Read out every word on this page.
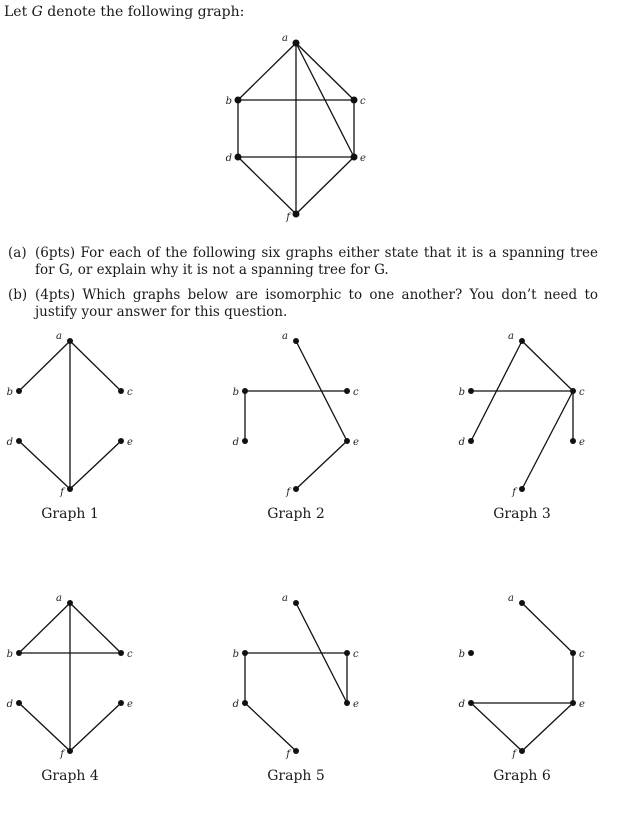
Let G denote the following graph:
(a) (6pts) For each of the following six graphs either state that it is a spanning tree for G, or explain why it is not a spanning tree for G.
(b) (4pts) Which graphs below are isomorphic to one another? You don’t need to justify your answer for this question.
a
b	c
d	e
f
a
b	c
d	e
f
Graph 1
a
b	c
d	e
f
Graph 2
a
b	c
d	e
f
Graph 3
a
b	c
d	e
f
Graph 4
a
b	c
d	e
f
Graph 5
a
b	c
d	e
f
Graph 6
